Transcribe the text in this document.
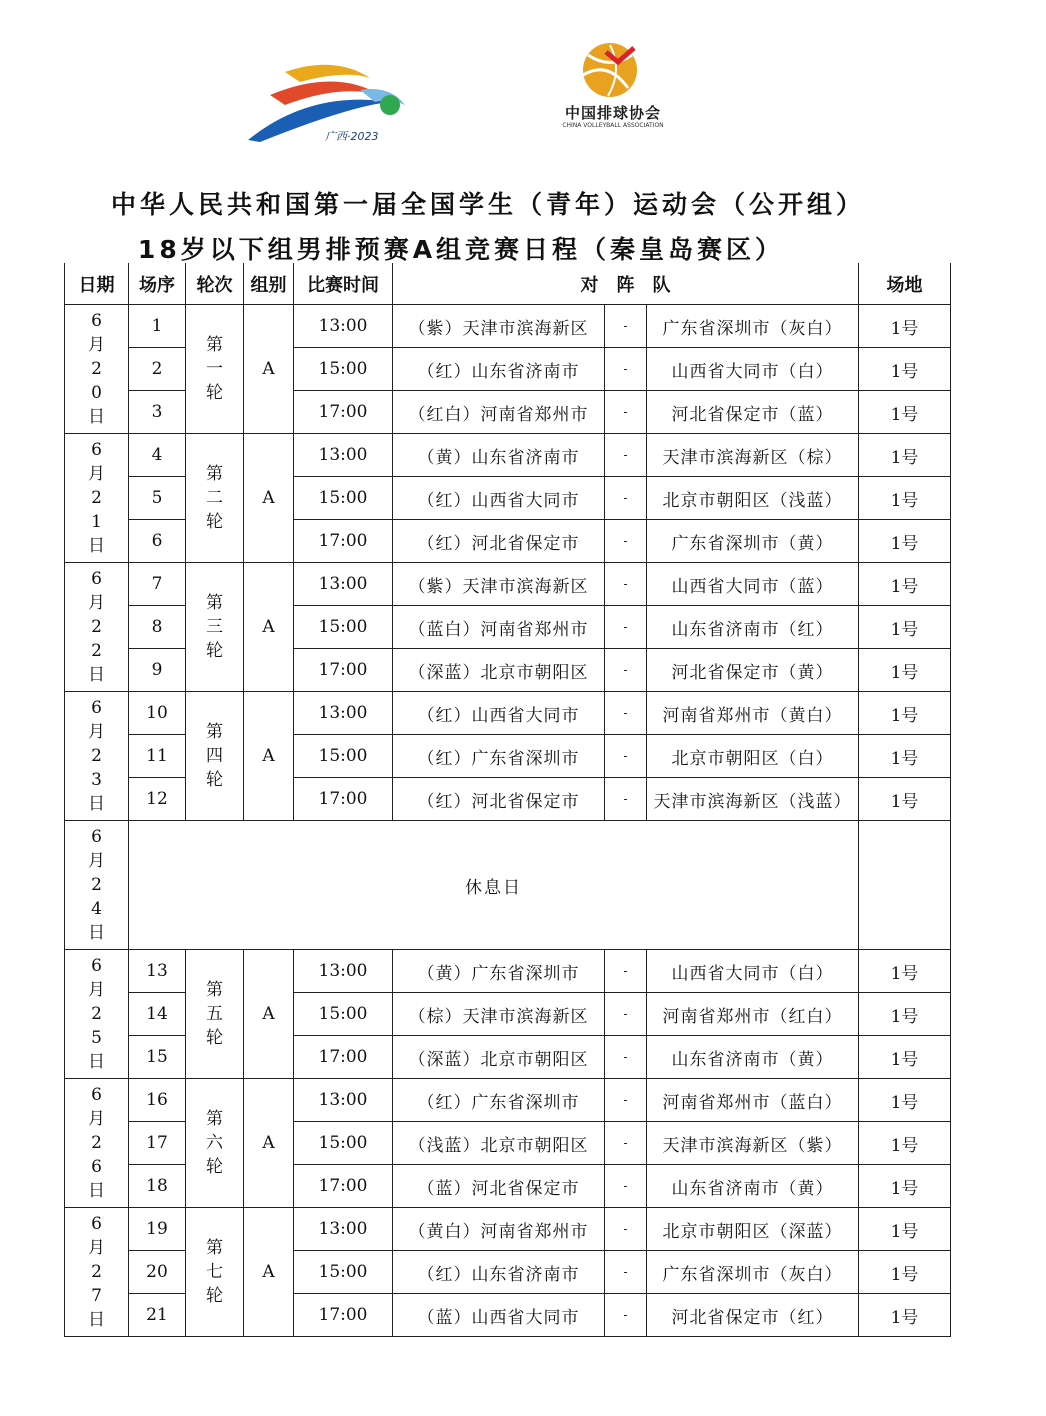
广西·2023
中国排球协会
CHINA VOLLEYBALL ASSOCIATION
中华人民共和国第一届全国学生（青年）运动会（公开组）
18岁以下组男排预赛A组竞赛日程（秦皇岛赛区）
日期	场序	轮次	组别	比赛时间	对　阵　队			场地
6月20日	1	第一轮	A	13:00	（紫）天津市滨海新区	-	广东省深圳市（灰白）	1号
	2			15:00	（红）山东省济南市	-	山西省大同市（白）	1号
	3			17:00	（红白）河南省郑州市	-	河北省保定市（蓝）	1号
6月21日	4	第二轮	A	13:00	（黄）山东省济南市	-	天津市滨海新区（棕）	1号
	5			15:00	（红）山西省大同市	-	北京市朝阳区（浅蓝）	1号
	6			17:00	（红）河北省保定市	-	广东省深圳市（黄）	1号
6月22日	7	第三轮	A	13:00	（紫）天津市滨海新区	-	山西省大同市（蓝）	1号
	8			15:00	（蓝白）河南省郑州市	-	山东省济南市（红）	1号
	9			17:00	（深蓝）北京市朝阳区	-	河北省保定市（黄）	1号
6月23日	10	第四轮	A	13:00	（红）山西省大同市	-	河南省郑州市（黄白）	1号
	11			15:00	（红）广东省深圳市	-	北京市朝阳区（白）	1号
	12			17:00	（红）河北省保定市	-	天津市滨海新区（浅蓝）	1号
6月24日	休息日							
6月25日	13	第五轮	A	13:00	（黄）广东省深圳市	-	山西省大同市（白）	1号
	14			15:00	（棕）天津市滨海新区	-	河南省郑州市（红白）	1号
	15			17:00	（深蓝）北京市朝阳区	-	山东省济南市（黄）	1号
6月26日	16	第六轮	A	13:00	（红）广东省深圳市	-	河南省郑州市（蓝白）	1号
	17			15:00	（浅蓝）北京市朝阳区	-	天津市滨海新区（紫）	1号
	18			17:00	（蓝）河北省保定市	-	山东省济南市（黄）	1号
6月27日	19	第七轮	A	13:00	（黄白）河南省郑州市	-	北京市朝阳区（深蓝）	1号
	20			15:00	（红）山东省济南市	-	广东省深圳市（灰白）	1号
	21			17:00	（蓝）山西省大同市	-	河北省保定市（红）	1号
